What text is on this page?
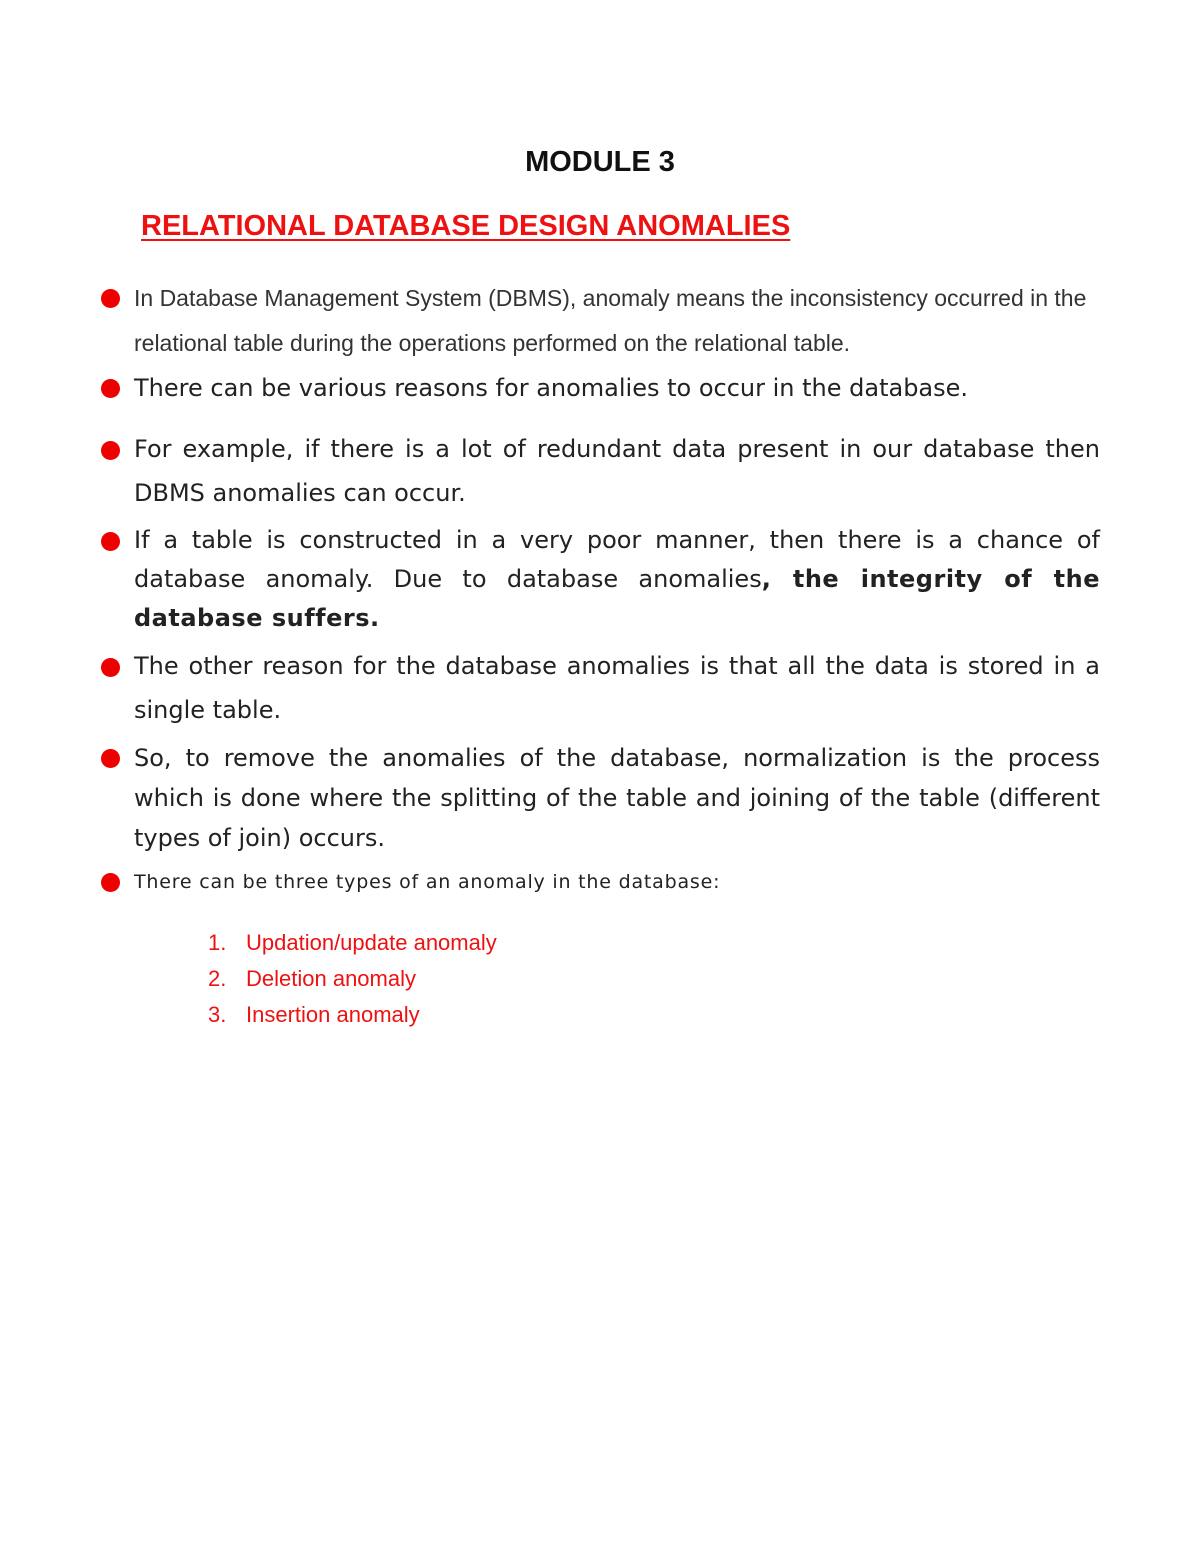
MODULE 3
RELATIONAL DATABASE DESIGN ANOMALIES
In Database Management System (DBMS), anomaly means the inconsistency occurred in the relational table during the operations performed on the relational table.
There can be various reasons for anomalies to occur in the database.
For example, if there is a lot of redundant data present in our database then DBMS anomalies can occur.
If a table is constructed in a very poor manner, then there is a chance of database anomaly. Due to database anomalies, the integrity of the database suffers.
The other reason for the database anomalies is that all the data is stored in a single table.
So, to remove the anomalies of the database, normalization is the process which is done where the splitting of the table and joining of the table (different types of join) occurs.
There can be three types of an anomaly in the database:
1. Updation/update anomaly
2. Deletion anomaly
3. Insertion anomaly
